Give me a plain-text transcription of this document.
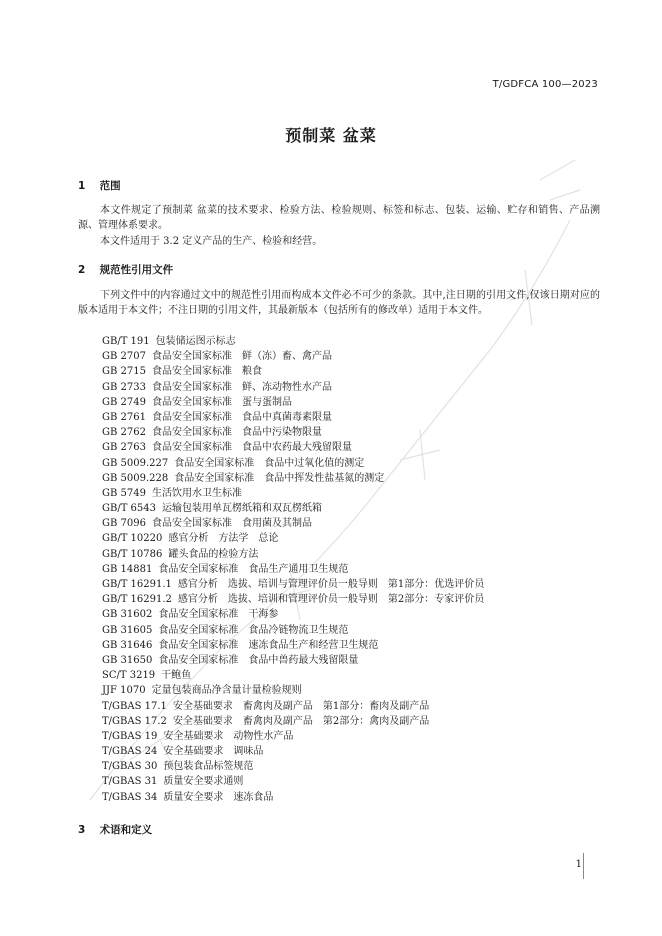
T/GDFCA 100—2023
预制菜 盆菜
1 范围
本文件规定了预制菜 盆菜的技术要求、检验方法、检验规则、标签和标志、包装、运输、贮存和销售、产品溯源、管理体系要求。
本文件适用于 3.2 定义产品的生产、检验和经营。
2 规范性引用文件
下列文件中的内容通过文中的规范性引用而构成本文件必不可少的条款。其中,注日期的引用文件,仅该日期对应的版本适用于本文件；不注日期的引用文件，其最新版本（包括所有的修改单）适用于本文件。
GB/T 191 包装储运图示标志
GB 2707 食品安全国家标准　鲜（冻）畜、禽产品
GB 2715 食品安全国家标准　粮食
GB 2733 食品安全国家标准　鲜、冻动物性水产品
GB 2749 食品安全国家标准　蛋与蛋制品
GB 2761 食品安全国家标准　食品中真菌毒素限量
GB 2762 食品安全国家标准　食品中污染物限量
GB 2763 食品安全国家标准　食品中农药最大残留限量
GB 5009.227 食品安全国家标准　食品中过氧化值的测定
GB 5009.228 食品安全国家标准　食品中挥发性盐基氮的测定
GB 5749 生活饮用水卫生标准
GB/T 6543 运输包装用单瓦楞纸箱和双瓦楞纸箱
GB 7096 食品安全国家标准　食用菌及其制品
GB/T 10220 感官分析　方法学　总论
GB/T 10786 罐头食品的检验方法
GB 14881 食品安全国家标准　食品生产通用卫生规范
GB/T 16291.1 感官分析　选拔、培训与管理评价员一般导则　第1部分：优选评价员
GB/T 16291.2 感官分析　选拔、培训和管理评价员一般导则　第2部分：专家评价员
GB 31602 食品安全国家标准　干海参
GB 31605 食品安全国家标准　食品冷链物流卫生规范
GB 31646 食品安全国家标准　速冻食品生产和经营卫生规范
GB 31650 食品安全国家标准　食品中兽药最大残留限量
SC/T 3219 干鲍鱼
JJF 1070 定量包装商品净含量计量检验规则
T/GBAS 17.1 安全基础要求　畜禽肉及副产品　第1部分：畜肉及副产品
T/GBAS 17.2 安全基础要求　畜禽肉及副产品　第2部分：禽肉及副产品
T/GBAS 19 安全基础要求　动物性水产品
T/GBAS 24 安全基础要求　调味品
T/GBAS 30 预包装食品标签规范
T/GBAS 31 质量安全要求通则
T/GBAS 34 质量安全要求　速冻食品
3 术语和定义
1
